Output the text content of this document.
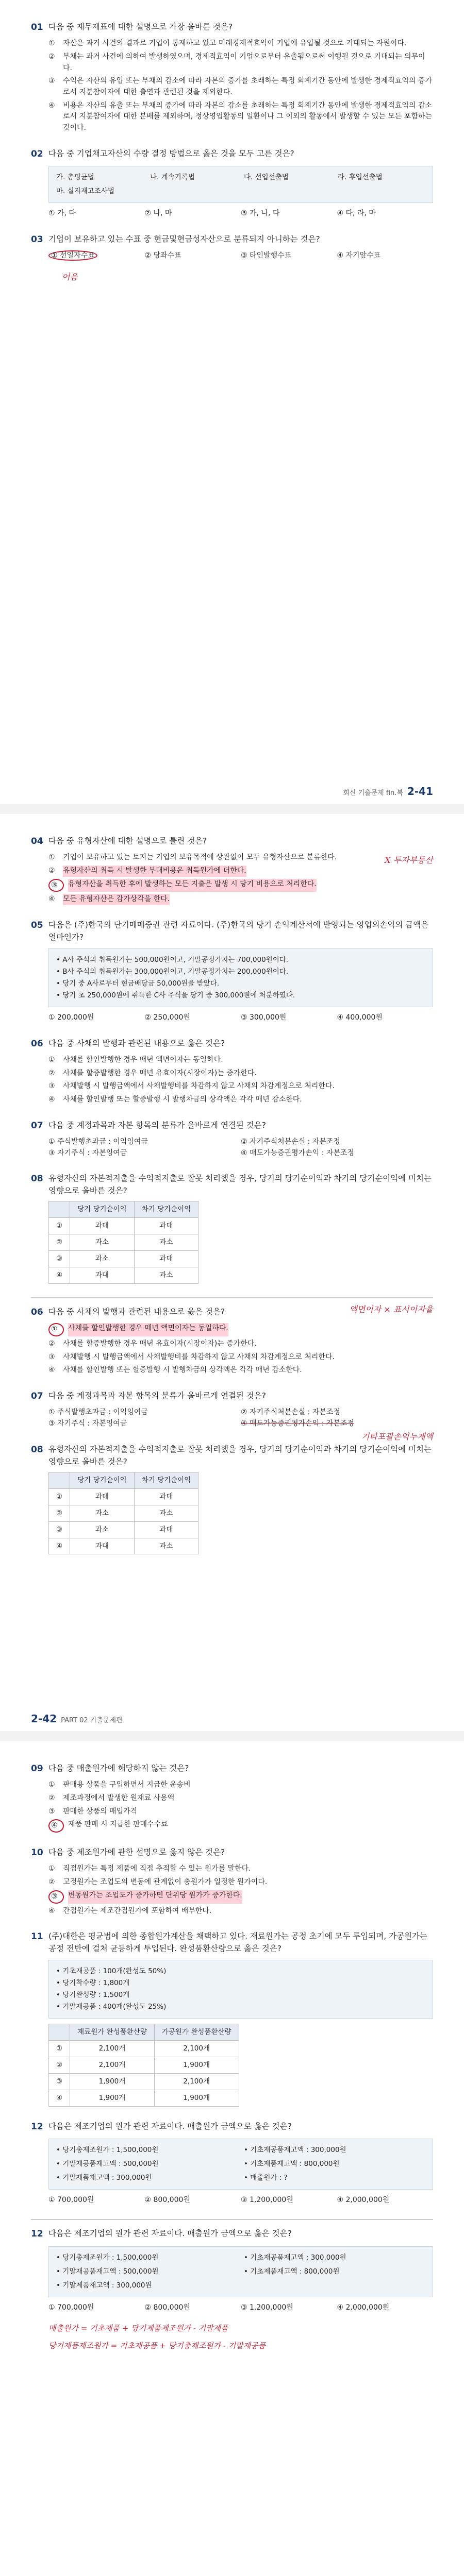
01 다음 중 재무제표에 대한 설명으로 가장 올바른 것은?
①	자산은 과거 사건의 결과로 기업이 통제하고 있고 미래경제적효익이 기업에 유입될 것으로 기대되는 자원이다.
②	부채는 과거 사건에 의하여 발생하였으며, 경제적효익이 기업으로부터 유출됨으로써 이행될 것으로 기대되는 의무이다.
③	수익은 자산의 유입 또는 부채의 감소에 따라 자본의 증가를 초래하는 특정 회계기간 동안에 발생한 경제적효익의 증가로서 지분참여자에 대한 출연과 관련된 것을 제외한다.
④	비용은 자산의 유출 또는 부채의 증가에 따라 자본의 감소를 초래하는 특정 회계기간 동안에 발생한 경제적효익의 감소로서 지분참여자에 대한 분배를 제외하며, 정상영업활동의 일환이나 그 이외의 활동에서 발생할 수 있는 모든 포함하는 것이다.
02 다음 중 기업채고자산의 수량 결정 방법으로 옳은 것을 모두 고른 것은?
가. 총평균법	나. 계속기록법	다. 선입선출법	라. 후입선출법
마. 실지재고조사법
① 가, 다	② 나, 마	③ 가, 나, 다	④ 다, 라, 마
03 기업이 보유하고 있는 수표 중 현금및현금성자산으로 분류되지 아니하는 것은?
① 선일자수표	② 당좌수표	③ 타인발행수표	④ 자기앞수표
어음
회신 기출문제 fin.복 2-41
04 다음 중 유형자산에 대한 설명으로 틀린 것은?
①	기업이 보유하고 있는 토지는 기업의 보유목적에 상관없이 모두 유형자산으로 분류한다.
②	유형자산의 취득 시 발생한 부대비용은 취득원가에 더한다.
③	유형자산을 취득한 후에 발생하는 모든 지출은 발생 시 당기 비용으로 처리한다.
④	모든 유형자산은 감가상각을 한다.
X 투자부동산
05 다음은 (주)한국의 단기매매증권 관련 자료이다. (주)한국의 당기 손익계산서에 반영되는 영업외손익의 금액은 얼마인가?
• A사 주식의 취득원가는 500,000원이고, 기말공정가치는 700,000원이다.
• B사 주식의 취득원가는 300,000원이고, 기말공정가치는 200,000원이다.
• 당기 중 A사로부터 현금배당금 50,000원을 받았다.
• 당기 초 250,000원에 취득한 C사 주식을 당기 중 300,000원에 처분하였다.
① 200,000원	② 250,000원	③ 300,000원	④ 400,000원
06 다음 중 사채의 발행과 관련된 내용으로 옳은 것은?
①	사채를 할인발행한 경우 매년 액면이자는 동일하다.
②	사채를 할증발행한 경우 매년 유효이자(시장이자)는 증가한다.
③	사채발행 시 발행금액에서 사채발행비를 차감하지 않고 사채의 차감계정으로 처리한다.
④	사채를 할인발행 또는 할증발행 시 발행차금의 상각액은 각각 매년 감소한다.
07 다음 중 계정과목과 자본 항목의 분류가 올바르게 연결된 것은?
① 주식발행초과금 : 이익잉여금	② 자기주식처분손실 : 자본조정
③ 자기주식 : 자본잉여금	④ 매도가능증권평가손익 : 자본조정
08 유형자산의 자본적지출을 수익적지출로 잘못 처리했을 경우, 당기의 당기순이익과 차기의 당기순이익에 미치는 영향으로 올바른 것은?
	당기 당기순이익	차기 당기순이익
①	과대	과대
②	과소	과소
③	과소	과대
④	과대	과소
06 다음 중 사채의 발행과 관련된 내용으로 옳은 것은?
①	사채를 할인발행한 경우 매년 액면이자는 동일하다.
②	사채를 할증발행한 경우 매년 유효이자(시장이자)는 증가한다.
③	사채발행 시 발행금액에서 사채발행비를 차감하지 않고 사채의 차감계정으로 처리한다.
④	사채를 할인발행 또는 할증발행 시 발행차금의 상각액은 각각 매년 감소한다.
액면이자 × 표시이자율
07 다음 중 계정과목과 자본 항목의 분류가 올바르게 연결된 것은?
① 주식발행초과금 : 이익잉여금	② 자기주식처분손실 : 자본조정
③ 자기주식 : 자본잉여금	④ 매도가능증권평가손익 : 자본조정
기타포괄손익누계액
08 유형자산의 자본적지출을 수익적지출로 잘못 처리했을 경우, 당기의 당기순이익과 차기의 당기순이익에 미치는 영향으로 올바른 것은?
	당기 당기순이익	차기 당기순이익
①	과대	과대
②	과소	과소
③	과소	과대
④	과대	과소
2-42 PART 02 기출문제편
09 다음 중 매출원가에 해당하지 않는 것은?
①	판매용 상품을 구입하면서 지급한 운송비
②	제조과정에서 발생한 원재료 사용액
③	판매한 상품의 매입가격
④	제품 판매 시 지급한 판매수수료
10 다음 중 제조원가에 관한 설명으로 옳지 않은 것은?
①	직접원가는 특정 제품에 직접 추적할 수 있는 원가를 말한다.
②	고정원가는 조업도의 변동에 관계없이 총원가가 일정한 원가이다.
③	변동원가는 조업도가 증가하면 단위당 원가가 증가한다.
④	간접원가는 제조간접원가에 포함하여 배부한다.
11 (주)대한은 평균법에 의한 종합원가계산을 채택하고 있다. 재료원가는 공정 초기에 모두 투입되며, 가공원가는 공정 전반에 걸쳐 균등하게 투입된다. 완성품환산량으로 옳은 것은?
• 기초재공품 : 100개(완성도 50%)
• 당기착수량 : 1,800개
• 당기완성량 : 1,500개
• 기말재공품 : 400개(완성도 25%)
	재료원가 완성품환산량	가공원가 완성품환산량
①	2,100개	2,100개
②	2,100개	1,900개
③	1,900개	2,100개
④	1,900개	1,900개
12 다음은 제조기업의 원가 관련 자료이다. 매출원가 금액으로 옳은 것은?
• 당기총제조원가 : 1,500,000원	• 기초재공품재고액 : 300,000원
• 기말재공품재고액 : 500,000원	• 기초제품재고액 : 800,000원
• 기말제품재고액 : 300,000원	• 매출원가 : ?
① 700,000원	② 800,000원	③ 1,200,000원	④ 2,000,000원
12 다음은 제조기업의 원가 관련 자료이다. 매출원가 금액으로 옳은 것은?
• 당기총제조원가 : 1,500,000원	• 기초재공품재고액 : 300,000원
• 기말재공품재고액 : 500,000원	• 기초제품재고액 : 800,000원
• 기말제품재고액 : 300,000원
① 700,000원	② 800,000원	③ 1,200,000원	④ 2,000,000원
매출원가 = 기초제품 + 당기제품제조원가 - 기말제품
당기제품제조원가 = 기초재공품 + 당기총제조원가 - 기말재공품
